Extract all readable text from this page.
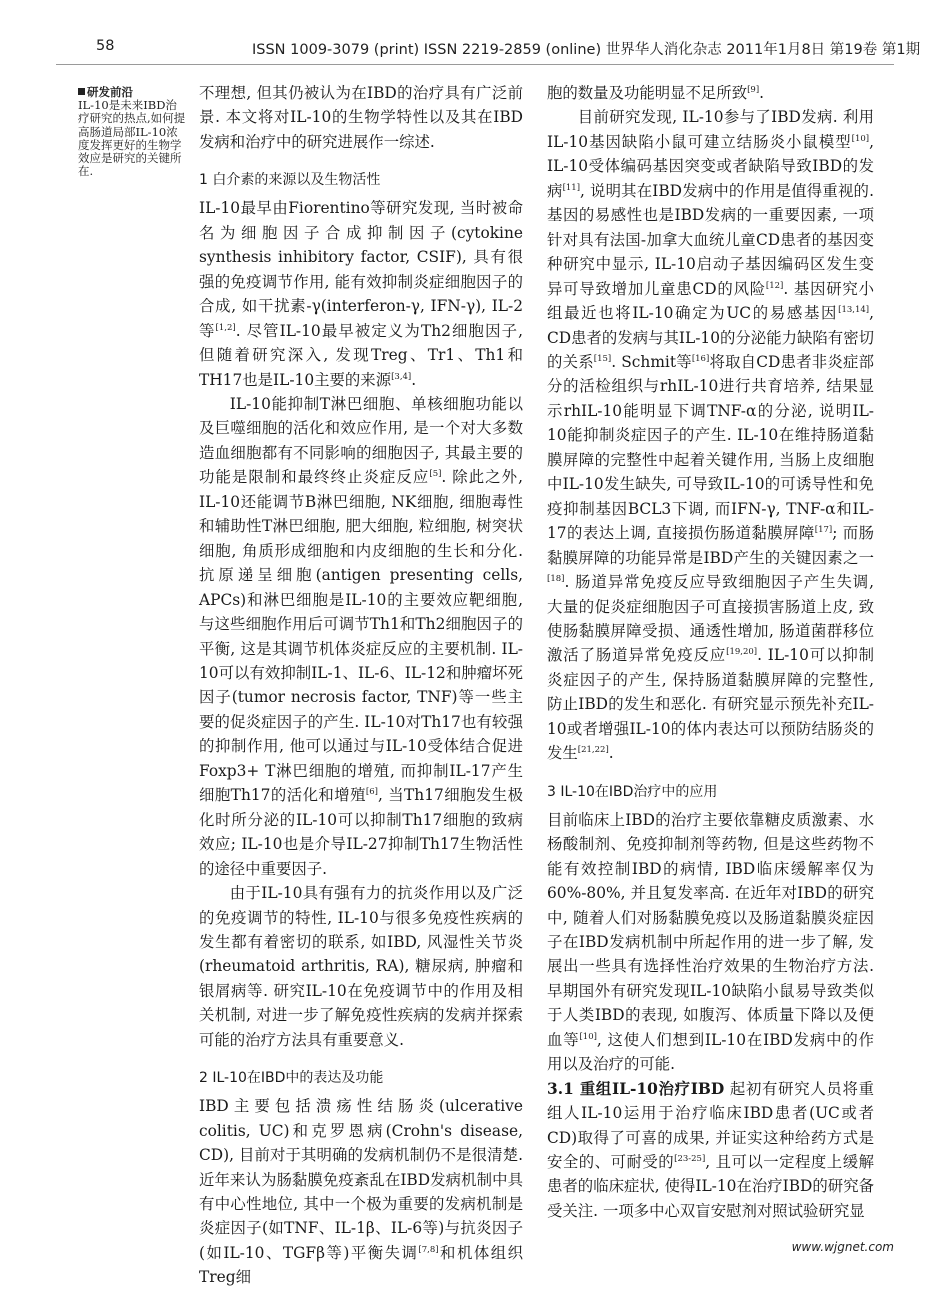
58	ISSN 1009-3079 (print) ISSN 2219-2859 (online) 世界华人消化杂志 2011年1月8日 第19卷 第1期
研发前沿
IL-10是未来IBD治疗研究的热点,如何提高肠道局部IL-10浓度发挥更好的生物学效应是研究的关键所在.

不理想, 但其仍被认为在IBD的治疗具有广泛前景. 本文将对IL-10的生物学特性以及其在IBD发病和治疗中的研究进展作一综述.

1 白介素的来源以及生物活性

IL-10最早由Fiorentino等研究发现, 当时被命名为细胞因子合成抑制因子(cytokine synthesis inhibitory factor, CSIF), 具有很强的免疫调节作用, 能有效抑制炎症细胞因子的合成, 如干扰素-γ(interferon-γ, IFN-γ), IL-2等[1,2]. 尽管IL-10最早被定义为Th2细胞因子, 但随着研究深入, 发现Treg、Tr1、Th1和TH17也是IL-10主要的来源[3,4].

IL-10能抑制T淋巴细胞、单核细胞功能以及巨噬细胞的活化和效应作用, 是一个对大多数造血细胞都有不同影响的细胞因子, 其最主要的功能是限制和最终终止炎症反应[5]. 除此之外, IL-10还能调节B淋巴细胞, NK细胞, 细胞毒性和辅助性T淋巴细胞, 肥大细胞, 粒细胞, 树突状细胞, 角质形成细胞和内皮细胞的生长和分化. 抗原递呈细胞(antigen presenting cells, APCs)和淋巴细胞是IL-10的主要效应靶细胞, 与这些细胞作用后可调节Th1和Th2细胞因子的平衡, 这是其调节机体炎症反应的主要机制. IL-10可以有效抑制IL-1、IL-6、IL-12和肿瘤坏死因子(tumor necrosis factor, TNF)等一些主要的促炎症因子的产生. IL-10对Th17也有较强的抑制作用, 他可以通过与IL-10受体结合促进Foxp3+ T淋巴细胞的增殖, 而抑制IL-17产生细胞Th17的活化和增殖[6], 当Th17细胞发生极化时所分泌的IL-10可以抑制Th17细胞的致病效应; IL-10也是介导IL-27抑制Th17生物活性的途径中重要因子.

由于IL-10具有强有力的抗炎作用以及广泛的免疫调节的特性, IL-10与很多免疫性疾病的发生都有着密切的联系, 如IBD, 风湿性关节炎(rheumatoid arthritis, RA), 糖尿病, 肿瘤和银屑病等. 研究IL-10在免疫调节中的作用及相关机制, 对进一步了解免疫性疾病的发病并探索可能的治疗方法具有重要意义.

2 IL-10在IBD中的表达及功能

IBD主要包括溃疡性结肠炎(ulcerative colitis, UC)和克罗恩病(Crohn's disease, CD), 目前对于其明确的发病机制仍不是很清楚. 近年来认为肠黏膜免疫紊乱在IBD发病机制中具有中心性地位, 其中一个极为重要的发病机制是炎症因子(如TNF、IL-1β、IL-6等)与抗炎因子(如IL-10、TGFβ等)平衡失调[7,8]和机体组织Treg细

胞的数量及功能明显不足所致[9].

目前研究发现, IL-10参与了IBD发病. 利用IL-10基因缺陷小鼠可建立结肠炎小鼠模型[10], IL-10受体编码基因突变或者缺陷导致IBD的发病[11], 说明其在IBD发病中的作用是值得重视的. 基因的易感性也是IBD发病的一重要因素, 一项针对具有法国-加拿大血统儿童CD患者的基因变种研究中显示, IL-10启动子基因编码区发生变异可导致增加儿童患CD的风险[12]. 基因研究小组最近也将IL-10确定为UC的易感基因[13,14], CD患者的发病与其IL-10的分泌能力缺陷有密切的关系[15]. Schmit等[16]将取自CD患者非炎症部分的活检组织与rhIL-10进行共育培养, 结果显示rhIL-10能明显下调TNF-α的分泌, 说明IL-10能抑制炎症因子的产生. IL-10在维持肠道黏膜屏障的完整性中起着关键作用, 当肠上皮细胞中IL-10发生缺失, 可导致IL-10的可诱导性和免疫抑制基因BCL3下调, 而IFN-γ, TNF-α和IL-17的表达上调, 直接损伤肠道黏膜屏障[17]; 而肠黏膜屏障的功能异常是IBD产生的关键因素之一[18]. 肠道异常免疫反应导致细胞因子产生失调, 大量的促炎症细胞因子可直接损害肠道上皮, 致使肠黏膜屏障受损、通透性增加, 肠道菌群移位激活了肠道异常免疫反应[19,20]. IL-10可以抑制炎症因子的产生, 保持肠道黏膜屏障的完整性, 防止IBD的发生和恶化. 有研究显示预先补充IL-10或者增强IL-10的体内表达可以预防结肠炎的发生[21,22].

3 IL-10在IBD治疗中的应用

目前临床上IBD的治疗主要依靠糖皮质激素、水杨酸制剂、免疫抑制剂等药物, 但是这些药物不能有效控制IBD的病情, IBD临床缓解率仅为60%-80%, 并且复发率高. 在近年对IBD的研究中, 随着人们对肠黏膜免疫以及肠道黏膜炎症因子在IBD发病机制中所起作用的进一步了解, 发展出一些具有选择性治疗效果的生物治疗方法. 早期国外有研究发现IL-10缺陷小鼠易导致类似于人类IBD的表现, 如腹泻、体质量下降以及便血等[10], 这使人们想到IL-10在IBD发病中的作用以及治疗的可能.

3.1 重组IL-10治疗IBD 起初有研究人员将重组人IL-10运用于治疗临床IBD患者(UC或者CD)取得了可喜的成果, 并证实这种给药方式是安全的、可耐受的[23-25], 且可以一定程度上缓解患者的临床症状, 使得IL-10在治疗IBD的研究备受关注. 一项多中心双盲安慰剂对照试验研究显

www.wjgnet.com
